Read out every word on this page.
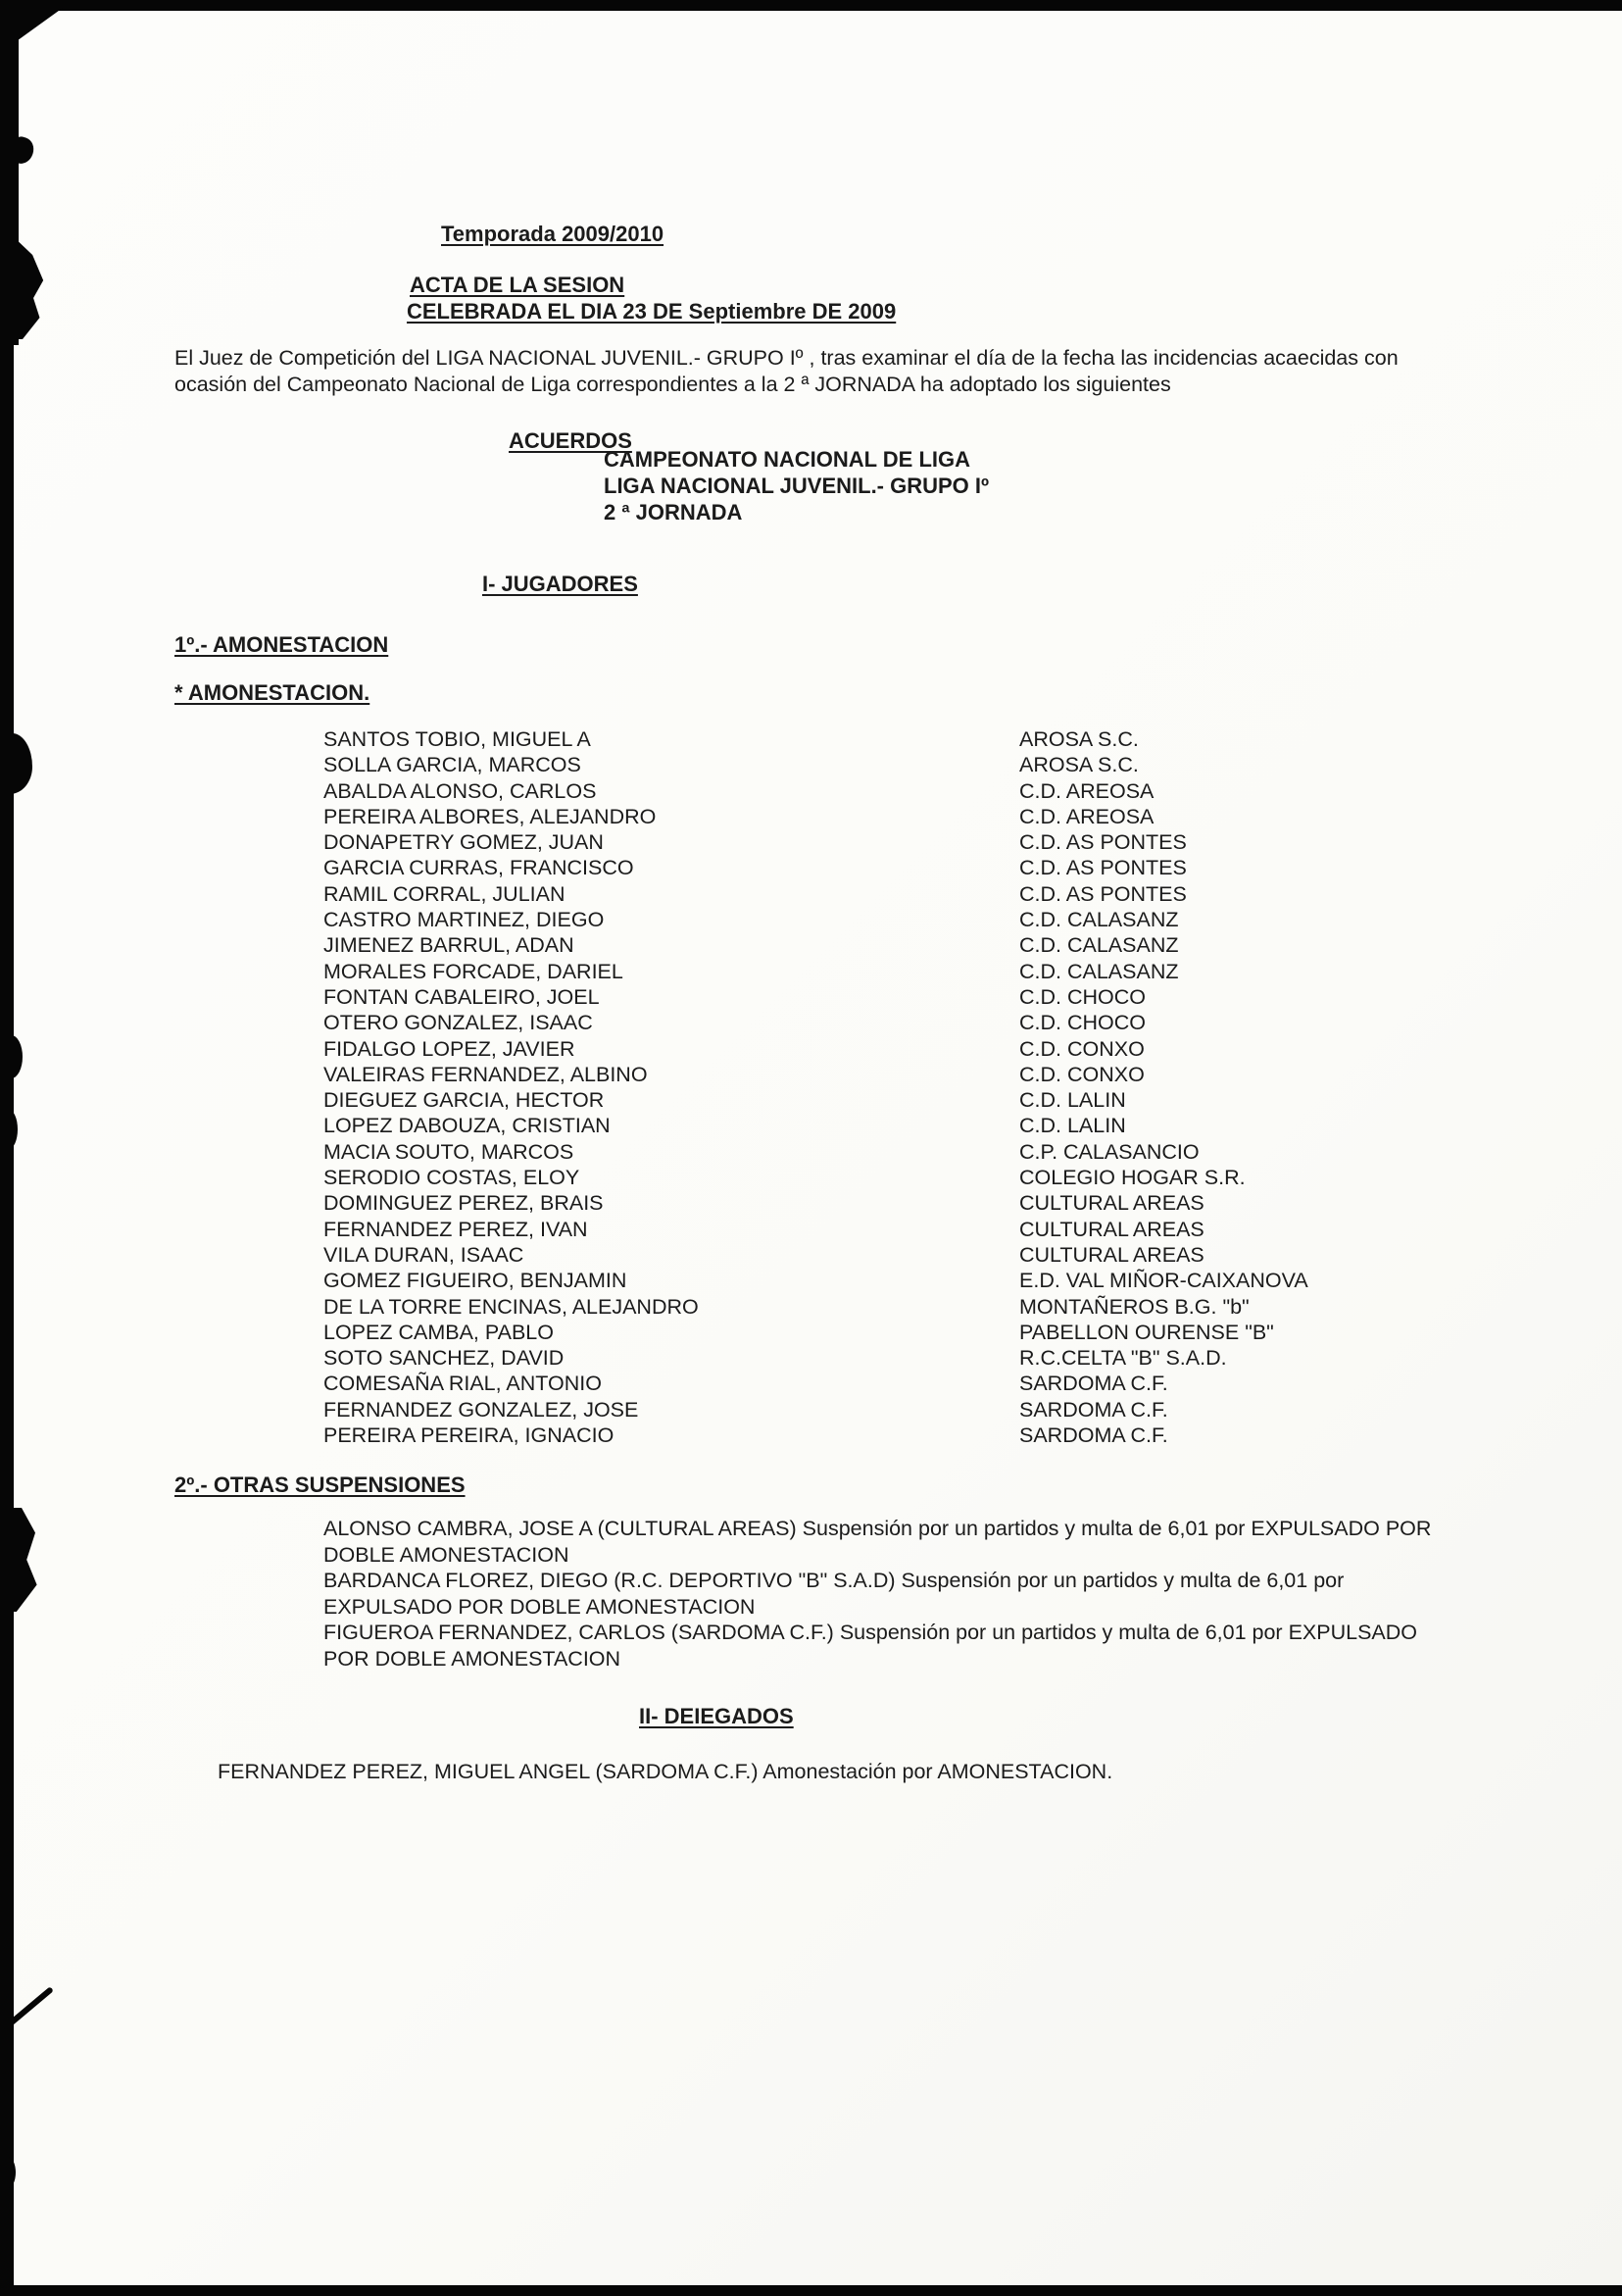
Temporada 2009/2010
ACTA DE LA SESION
CELEBRADA EL DIA 23 DE Septiembre DE 2009
El Juez de Competición del LIGA NACIONAL JUVENIL.- GRUPO Iº , tras examinar el día de la fecha las incidencias acaecidas con ocasión del Campeonato Nacional de Liga correspondientes a la 2 ª JORNADA ha adoptado los siguientes
ACUERDOS
CAMPEONATO NACIONAL DE LIGA
LIGA NACIONAL JUVENIL.- GRUPO Iº
2 ª JORNADA
I- JUGADORES
1º.- AMONESTACION
* AMONESTACION.
SANTOS TOBIO, MIGUEL A	AROSA S.C.
SOLLA GARCIA, MARCOS	AROSA S.C.
ABALDA ALONSO, CARLOS	C.D. AREOSA
PEREIRA ALBORES, ALEJANDRO	C.D. AREOSA
DONAPETRY GOMEZ, JUAN	C.D. AS PONTES
GARCIA CURRAS, FRANCISCO	C.D. AS PONTES
RAMIL CORRAL, JULIAN	C.D. AS PONTES
CASTRO MARTINEZ, DIEGO	C.D. CALASANZ
JIMENEZ BARRUL, ADAN	C.D. CALASANZ
MORALES FORCADE, DARIEL	C.D. CALASANZ
FONTAN CABALEIRO, JOEL	C.D. CHOCO
OTERO GONZALEZ, ISAAC	C.D. CHOCO
FIDALGO LOPEZ, JAVIER	C.D. CONXO
VALEIRAS FERNANDEZ, ALBINO	C.D. CONXO
DIEGUEZ GARCIA, HECTOR	C.D. LALIN
LOPEZ DABOUZA, CRISTIAN	C.D. LALIN
MACIA SOUTO, MARCOS	C.P. CALASANCIO
SERODIO COSTAS, ELOY	COLEGIO HOGAR S.R.
DOMINGUEZ PEREZ, BRAIS	CULTURAL AREAS
FERNANDEZ PEREZ, IVAN	CULTURAL AREAS
VILA DURAN, ISAAC	CULTURAL AREAS
GOMEZ FIGUEIRO, BENJAMIN	E.D. VAL MIÑOR-CAIXANOVA
DE LA TORRE ENCINAS, ALEJANDRO	MONTAÑEROS B.G. "b"
LOPEZ CAMBA, PABLO	PABELLON OURENSE "B"
SOTO SANCHEZ, DAVID	R.C.CELTA "B" S.A.D.
COMESAÑA RIAL, ANTONIO	SARDOMA C.F.
FERNANDEZ GONZALEZ, JOSE	SARDOMA C.F.
PEREIRA PEREIRA, IGNACIO	SARDOMA C.F.
2º.- OTRAS SUSPENSIONES
ALONSO CAMBRA, JOSE A (CULTURAL AREAS) Suspensión por un partidos y multa de 6,01 por EXPULSADO POR
DOBLE AMONESTACION
BARDANCA FLOREZ, DIEGO (R.C. DEPORTIVO "B" S.A.D) Suspensión por un partidos y multa de 6,01 por
EXPULSADO POR DOBLE AMONESTACION
FIGUEROA FERNANDEZ, CARLOS (SARDOMA C.F.) Suspensión por un partidos y multa de 6,01 por EXPULSADO
POR DOBLE AMONESTACION
II- DEIEGADOS
FERNANDEZ PEREZ, MIGUEL ANGEL (SARDOMA C.F.) Amonestación por AMONESTACION.
